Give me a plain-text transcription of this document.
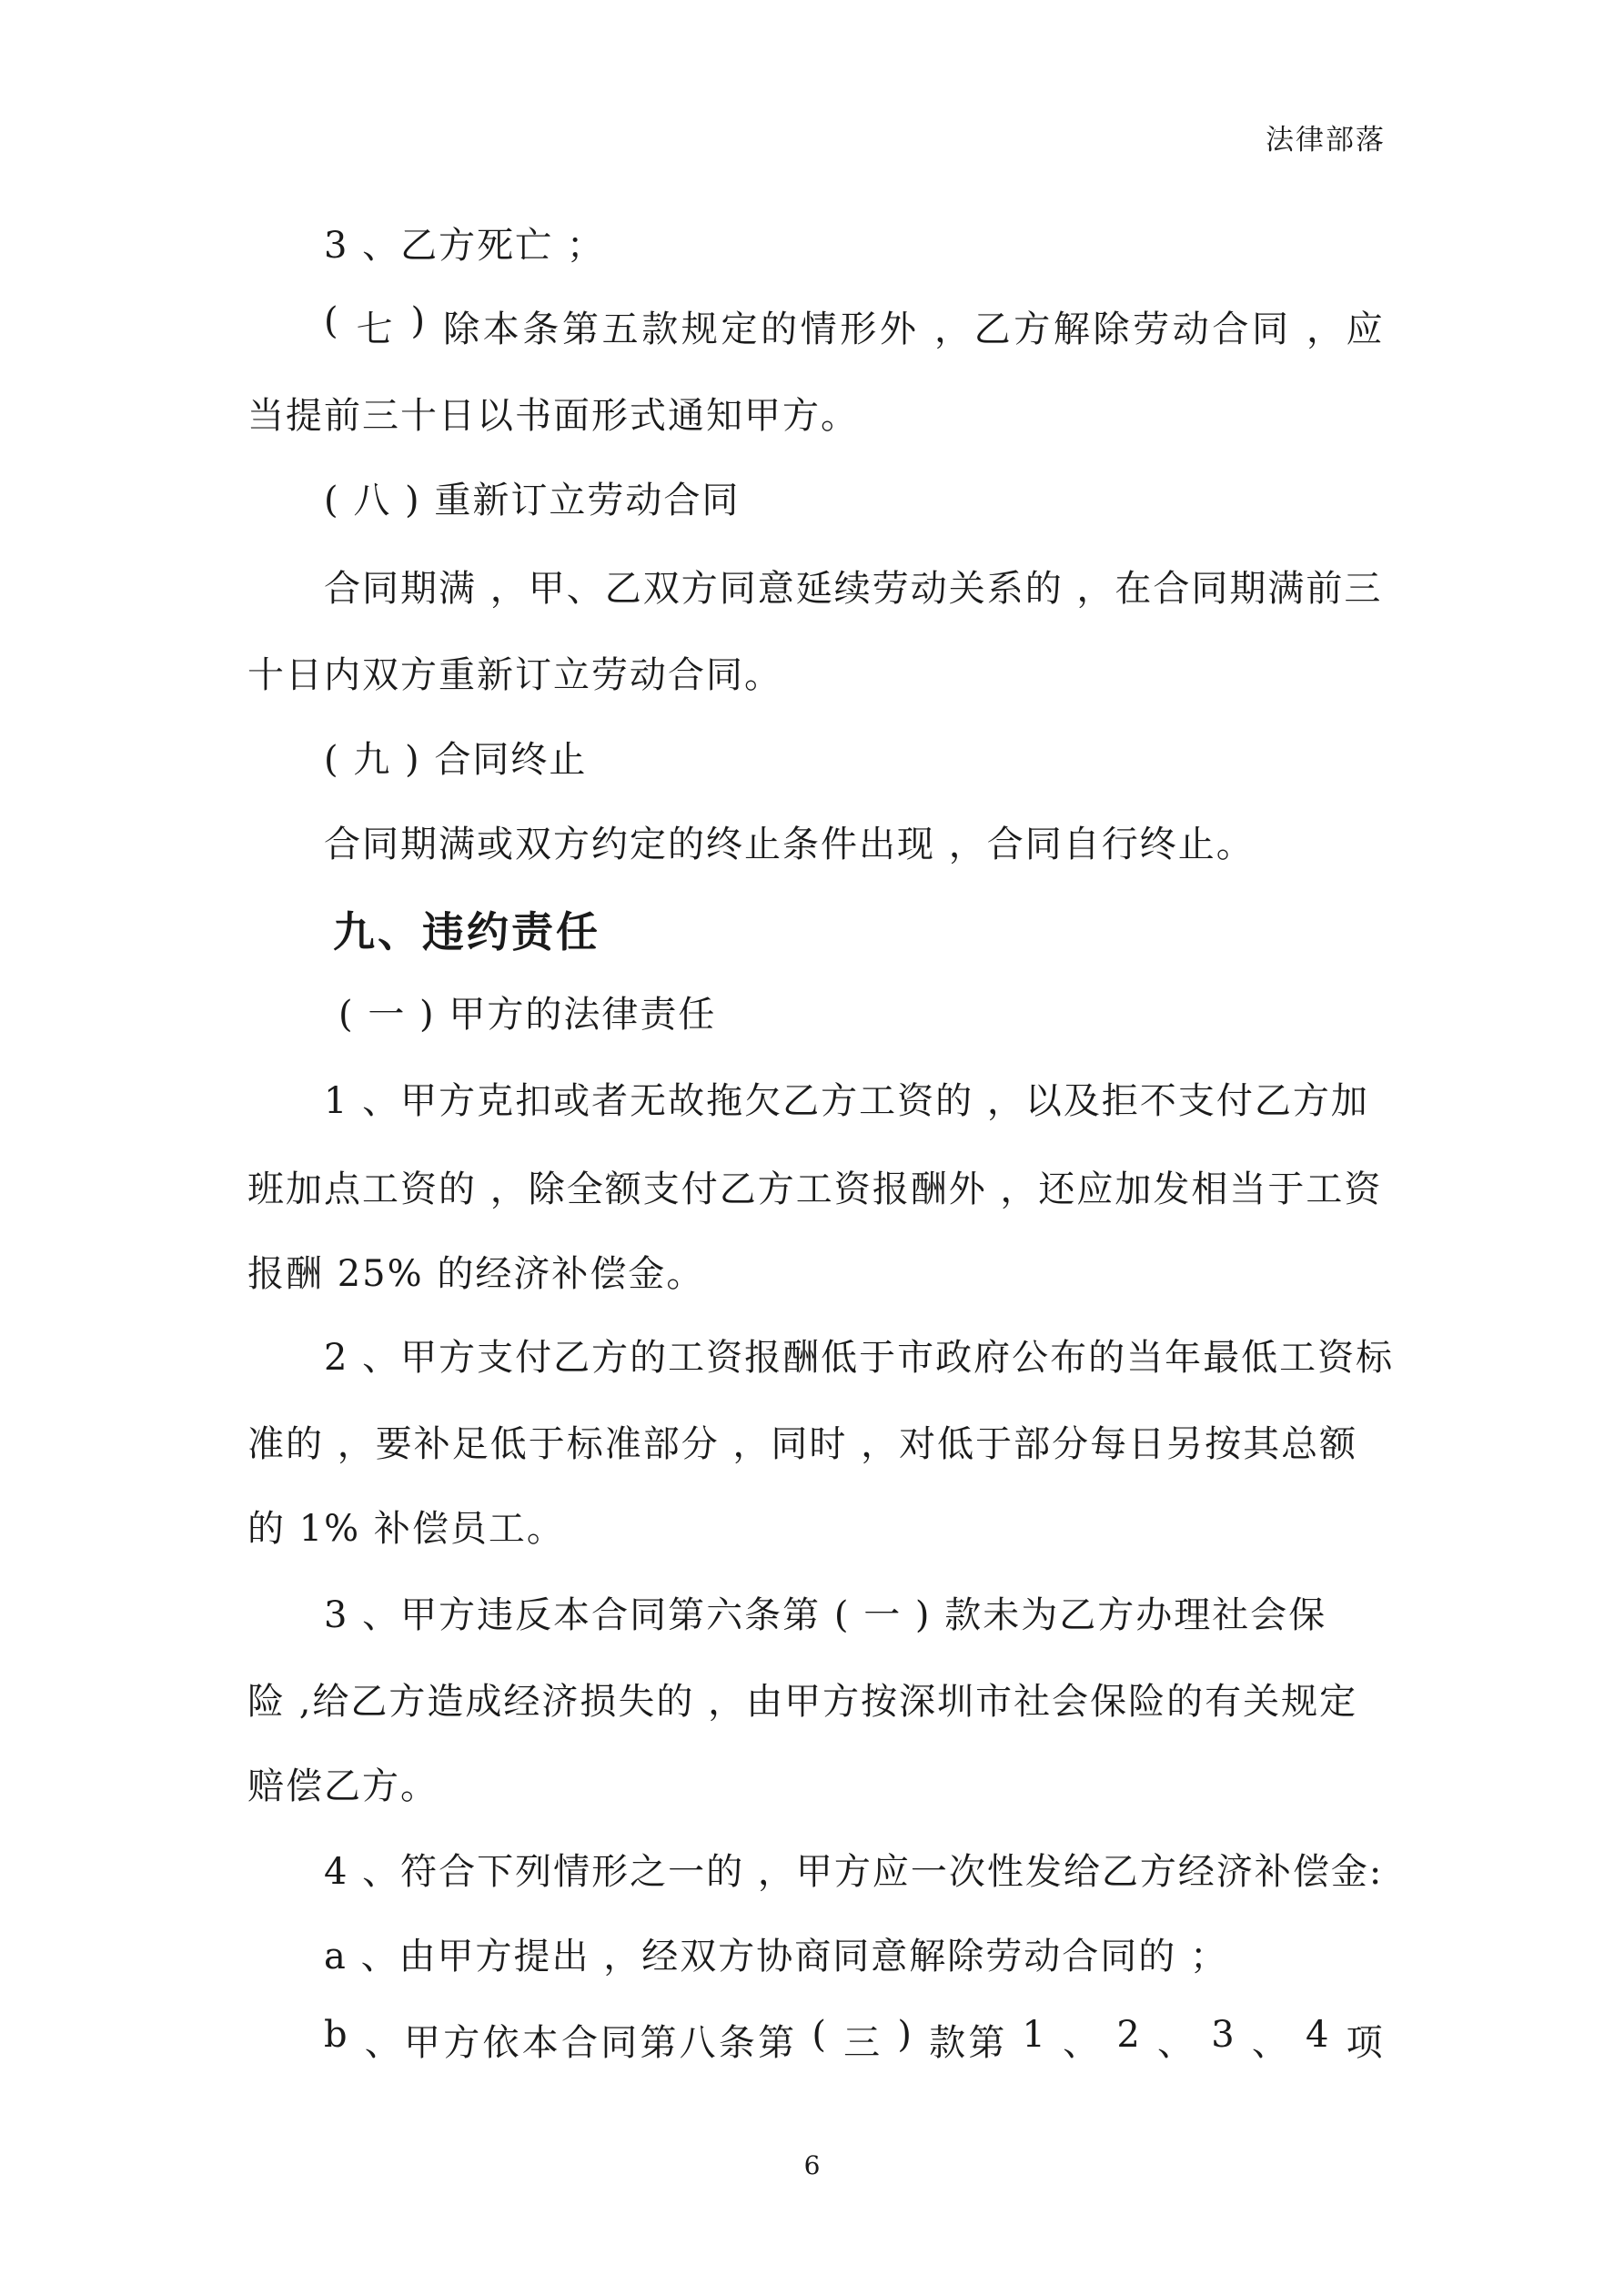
法律部落
3 、乙方死亡 ；
(
七
)
除 本 条 第 五 款 规 定 的 情 形 外
， 乙 方 解 除 劳 动 合 同
， 应
当提前三十日以书面形式通知甲方。
( 八 ) 重新订立劳动合同
合同期满 ，甲、乙双方同意延续劳动关系的 ，在合同期满前三
十日内双方重新订立劳动合同。
( 九 ) 合同终止
合同期满或双方约定的终止条件出现 ，合同自行终止。
九、违约责任
( 一 ) 甲方的法律责任
1 、甲方克扣或者无故拖欠乙方工资的 ，以及拒不支付乙方加
班加点工资的 ，除全额支付乙方工资报酬外 ，还应加发相当于工资
报酬 25% 的经济补偿金。
2 、甲方支付乙方的工资报酬低于市政府公布的当年最低工资标
准的 ，要补足低于标准部分 ，同时 ，对低于部分每日另按其总额
的 1% 补偿员工。
3 、甲方违反本合同第六条第 ( 一 ) 款未为乙方办理社会保
险 ,给乙方造成经济损失的 ，由甲方按深圳市社会保险的有关规定
赔偿乙方。
4 、符合下列情形之一的 ，甲方应一次性发给乙方经济补偿金:
a 、由甲方提出 ，经双方协商同意解除劳动合同的 ；
b
、 甲 方 依 本 合 同 第 八 条 第
(
三
)
款 第
1
、
2
、
3
、
4
项
6
